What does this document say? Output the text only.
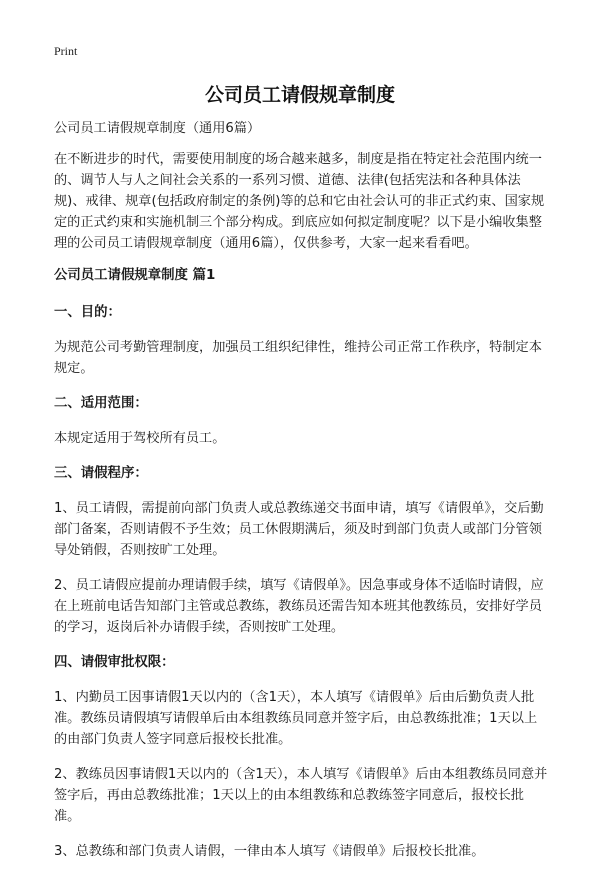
Print
公司员工请假规章制度

公司员工请假规章制度（通用6篇）

在不断进步的时代，需要使用制度的场合越来越多，制度是指在特定社会范围内统一的、调节人与人之间社会关系的一系列习惯、道德、法律(包括宪法和各种具体法规)、戒律、规章(包括政府制定的条例)等的总和它由社会认可的非正式约束、国家规定的正式约束和实施机制三个部分构成。到底应如何拟定制度呢？以下是小编收集整理的公司员工请假规章制度（通用6篇），仅供参考，大家一起来看看吧。

公司员工请假规章制度 篇1

一、目的：

为规范公司考勤管理制度，加强员工组织纪律性，维持公司正常工作秩序，特制定本规定。

二、适用范围：

本规定适用于驾校所有员工。

三、请假程序：

1、员工请假，需提前向部门负责人或总教练递交书面申请，填写《请假单》，交后勤部门备案，否则请假不予生效；员工休假期满后，须及时到部门负责人或部门分管领导处销假，否则按旷工处理。

2、员工请假应提前办理请假手续，填写《请假单》。因急事或身体不适临时请假，应在上班前电话告知部门主管或总教练，教练员还需告知本班其他教练员，安排好学员的学习，返岗后补办请假手续，否则按旷工处理。

四、请假审批权限：

1、内勤员工因事请假1天以内的（含1天），本人填写《请假单》后由后勤负责人批准。教练员请假填写请假单后由本组教练员同意并签字后，由总教练批准；1天以上的由部门负责人签字同意后报校长批准。

2、教练员因事请假1天以内的（含1天），本人填写《请假单》后由本组教练员同意并签字后，再由总教练批准；1天以上的由本组教练和总教练签字同意后，报校长批准。

3、总教练和部门负责人请假，一律由本人填写《请假单》后报校长批准。
